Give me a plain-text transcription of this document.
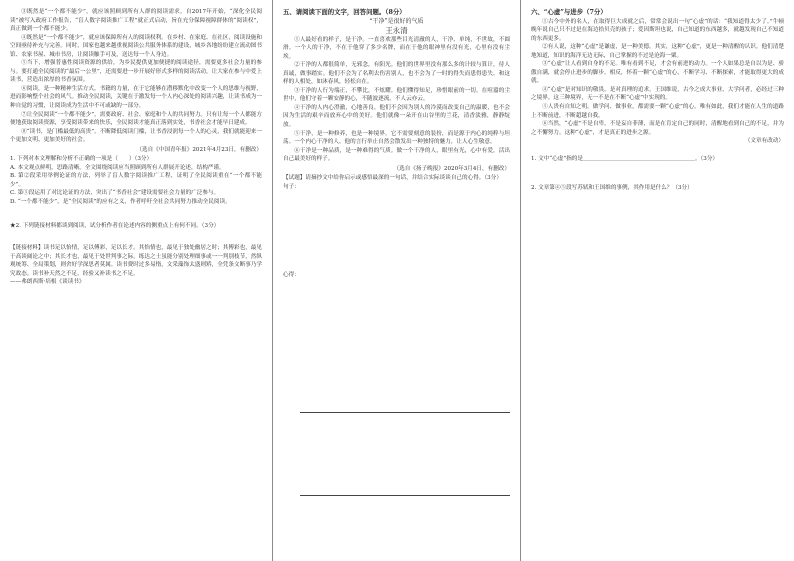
③既然是“一个都不能少”，就应该照顾到所有人群的阅读需求。自2017年开始，“深化全民阅读”被写入政府工作报告，“盲人数字阅读推广工程”就正式启动，旨在充分保障视障群体的“阅读权”，真正做到一个都不能少。

④既然是“一个都不能少”，就应该保障所有人的阅读权利。在乡村、在家庭、在社区，阅读设施和空间亟待补充与完善。同时，国家也越来越重视阅读公共服务体系的建设，城乡各地纷纷建立流动图书馆、农家书屋、城市书房，让阅读触手可及，送达每一个人身边。

⑤当下，增强普惠性阅读资源的供给，为乡民提供更加便捷的阅读途径，需要更多社会力量的参与。要打通全民阅读的“最后一公里”，还需要进一步开展好形式多样的阅读活动，让大家在参与中爱上读书，营造出浓厚的书香氛围。

⑥阅读，是一种精神生活方式。书籍的力量，在于它能够在潜移默化中改变一个人的思维与视野，进而影响整个社会的风气。推动全民阅读，关键在于激发每一个人内心深处的阅读兴趣，让读书成为一种自觉的习惯，让阅读成为生活中不可或缺的一部分。

⑦让全民阅读“一个都不能少”，需要政府、社会、家庭和个人的共同努力。只有让每一个人都能方便地获取阅读资源，享受阅读带来的快乐，全民阅读才能真正落到实处，书香社会才能早日建成。

⑧“读书，是门槛最低的高贵”。不断降低阅读门槛，让书香浸润每一个人的心灵，我们就能迎来一个更加文明、更加美好的社会。

（选自《中国青年报》2021年4月23日，有删改）

1. 下列对本文理解和分析不正确的一项是（　　）（3分）

A. 本文观点鲜明，思路清晰，全文围绕阅读应当照顾到所有人群展开论述，结构严谨。

B. 第②段采用举例论证的方法，列举了盲人数字阅读推广工程，证明了全民阅读重在“一个都不能少”。

C. 第⑤段运用了对比论证的方法，突出了“书香社会”建设需要社会力量的广泛参与。

D. “一个都不能少”，是“全民阅读”的应有之义，作者呼吁全社会共同努力推动全民阅读。

★2. 下列链接材料都谈到阅读，试分析作者在论述内容的侧重点上有何不同。（3分）

【链接材料】读书足以怡情，足以傅彩，足以长才。其怡情也，最见于独处幽居之时；其傅彩也，最见于高谈阔论之中；其长才也，最见于处世判事之际。练达之士虽能分别处理细事或一一判别枝节，然纵观统筹、全局策划，则舍好学深思者莫属。读书费时过多易惰，文采藻饰太盛则矫，全凭条文断事乃学究故态。读书补天然之不足，经验又补读书之不足。

——弗朗西斯·培根《谈读书》

五、请阅读下面的文字，回答问题。（8分）

“干净”是很好的气质

王永清

①人最好看的样子，是干净。一直喜欢那些目光清澈的人，干净、单纯，不世故，不圆滑。一个人的干净，不在于他穿了多少名牌，而在于他的眼神里有没有光，心里有没有尘埃。

②干净的人都很简单，无邪念，有阳光。他们的世界里没有那么多的计较与算计，待人真诚，做事踏实。他们不会为了名利去伤害别人，也不会为了一时的得失而患得患失。和这样的人相处，如沐春风，轻松自在。

③干净的人行为端正，不攀比，不炫耀。他们懂得知足，珍惜眼前的一切。在喧嚣的尘世中，他们守着一颗安静的心，不随波逐流，不人云亦云。

④干净的人内心澄澈，心地善良。他们不会因为别人的冷漠而改变自己的温暖，也不会因为生活的艰辛而放弃心中的美好。他们就像一朵开在山谷里的兰花，清香淡雅，静静绽放。

⑤干净，是一种修养，也是一种境界。它不需要刻意的装扮，而是源于内心的纯粹与坦荡。一个内心干净的人，他的言行举止自然会散发出一种独特的魅力，让人心生敬意。

⑥干净是一种品质，是一种难得的气质。做一个干净的人，眼里有光，心中有爱，活出自己最美好的样子。

（选自《扬子晚报》2020年3月4日，有删改）

【试题】请摘抄文中给你启示或感悟最深的一句话，并结合实际谈谈自己的心得。（3分）

句子：

心得：

六、“心虚”与进步（7分）

①古今中外的名人，在取得巨大成就之后，常常会说出一句“心虚”的话：“我知道得太少了。”牛顿晚年说自己只不过是在海边拾贝壳的孩子；爱因斯坦也说，自己知道的东西越多，就越发现自己不知道的东西更多。

②有人说，这种“心虚”是谦虚，是一种美德。其实，这种“心虚”，更是一种清醒的认识。他们清楚地知道，知识的海洋无边无际，自己掌握的不过是沧海一粟。

③“心虚”让人看到自身的不足。唯有看到不足，才会有前进的动力。一个人如果总是自以为是、骄傲自满，就会停止进步的脚步。相反，怀着一颗“心虚”的心，不断学习、不断探索，才能取得更大的成就。

④“心虚”是对知识的敬畏，是对真理的追求。王国维说，古今之成大事业、大学问者，必经过三种之境界。这三种境界，无一不是在不断“心虚”中实现的。

⑤人贵有自知之明。做学问、做事业，都需要一颗“心虚”的心。唯有如此，我们才能在人生的道路上不断前进，不断超越自我。

⑥当然，“心虚”不是自卑，不是妄自菲薄，而是在肯定自己的同时，清醒地看到自己的不足，并为之不懈努力。这种“心虚”，才是真正的进步之源。

（文章有改动）

1. 文中“心虚”指的是＿＿＿＿＿＿＿＿＿＿＿＿＿＿＿＿＿＿＿＿。（3分）

2. 文章第④⑤段写苏轼和王国维的事例，其作用是什么？（3分）
